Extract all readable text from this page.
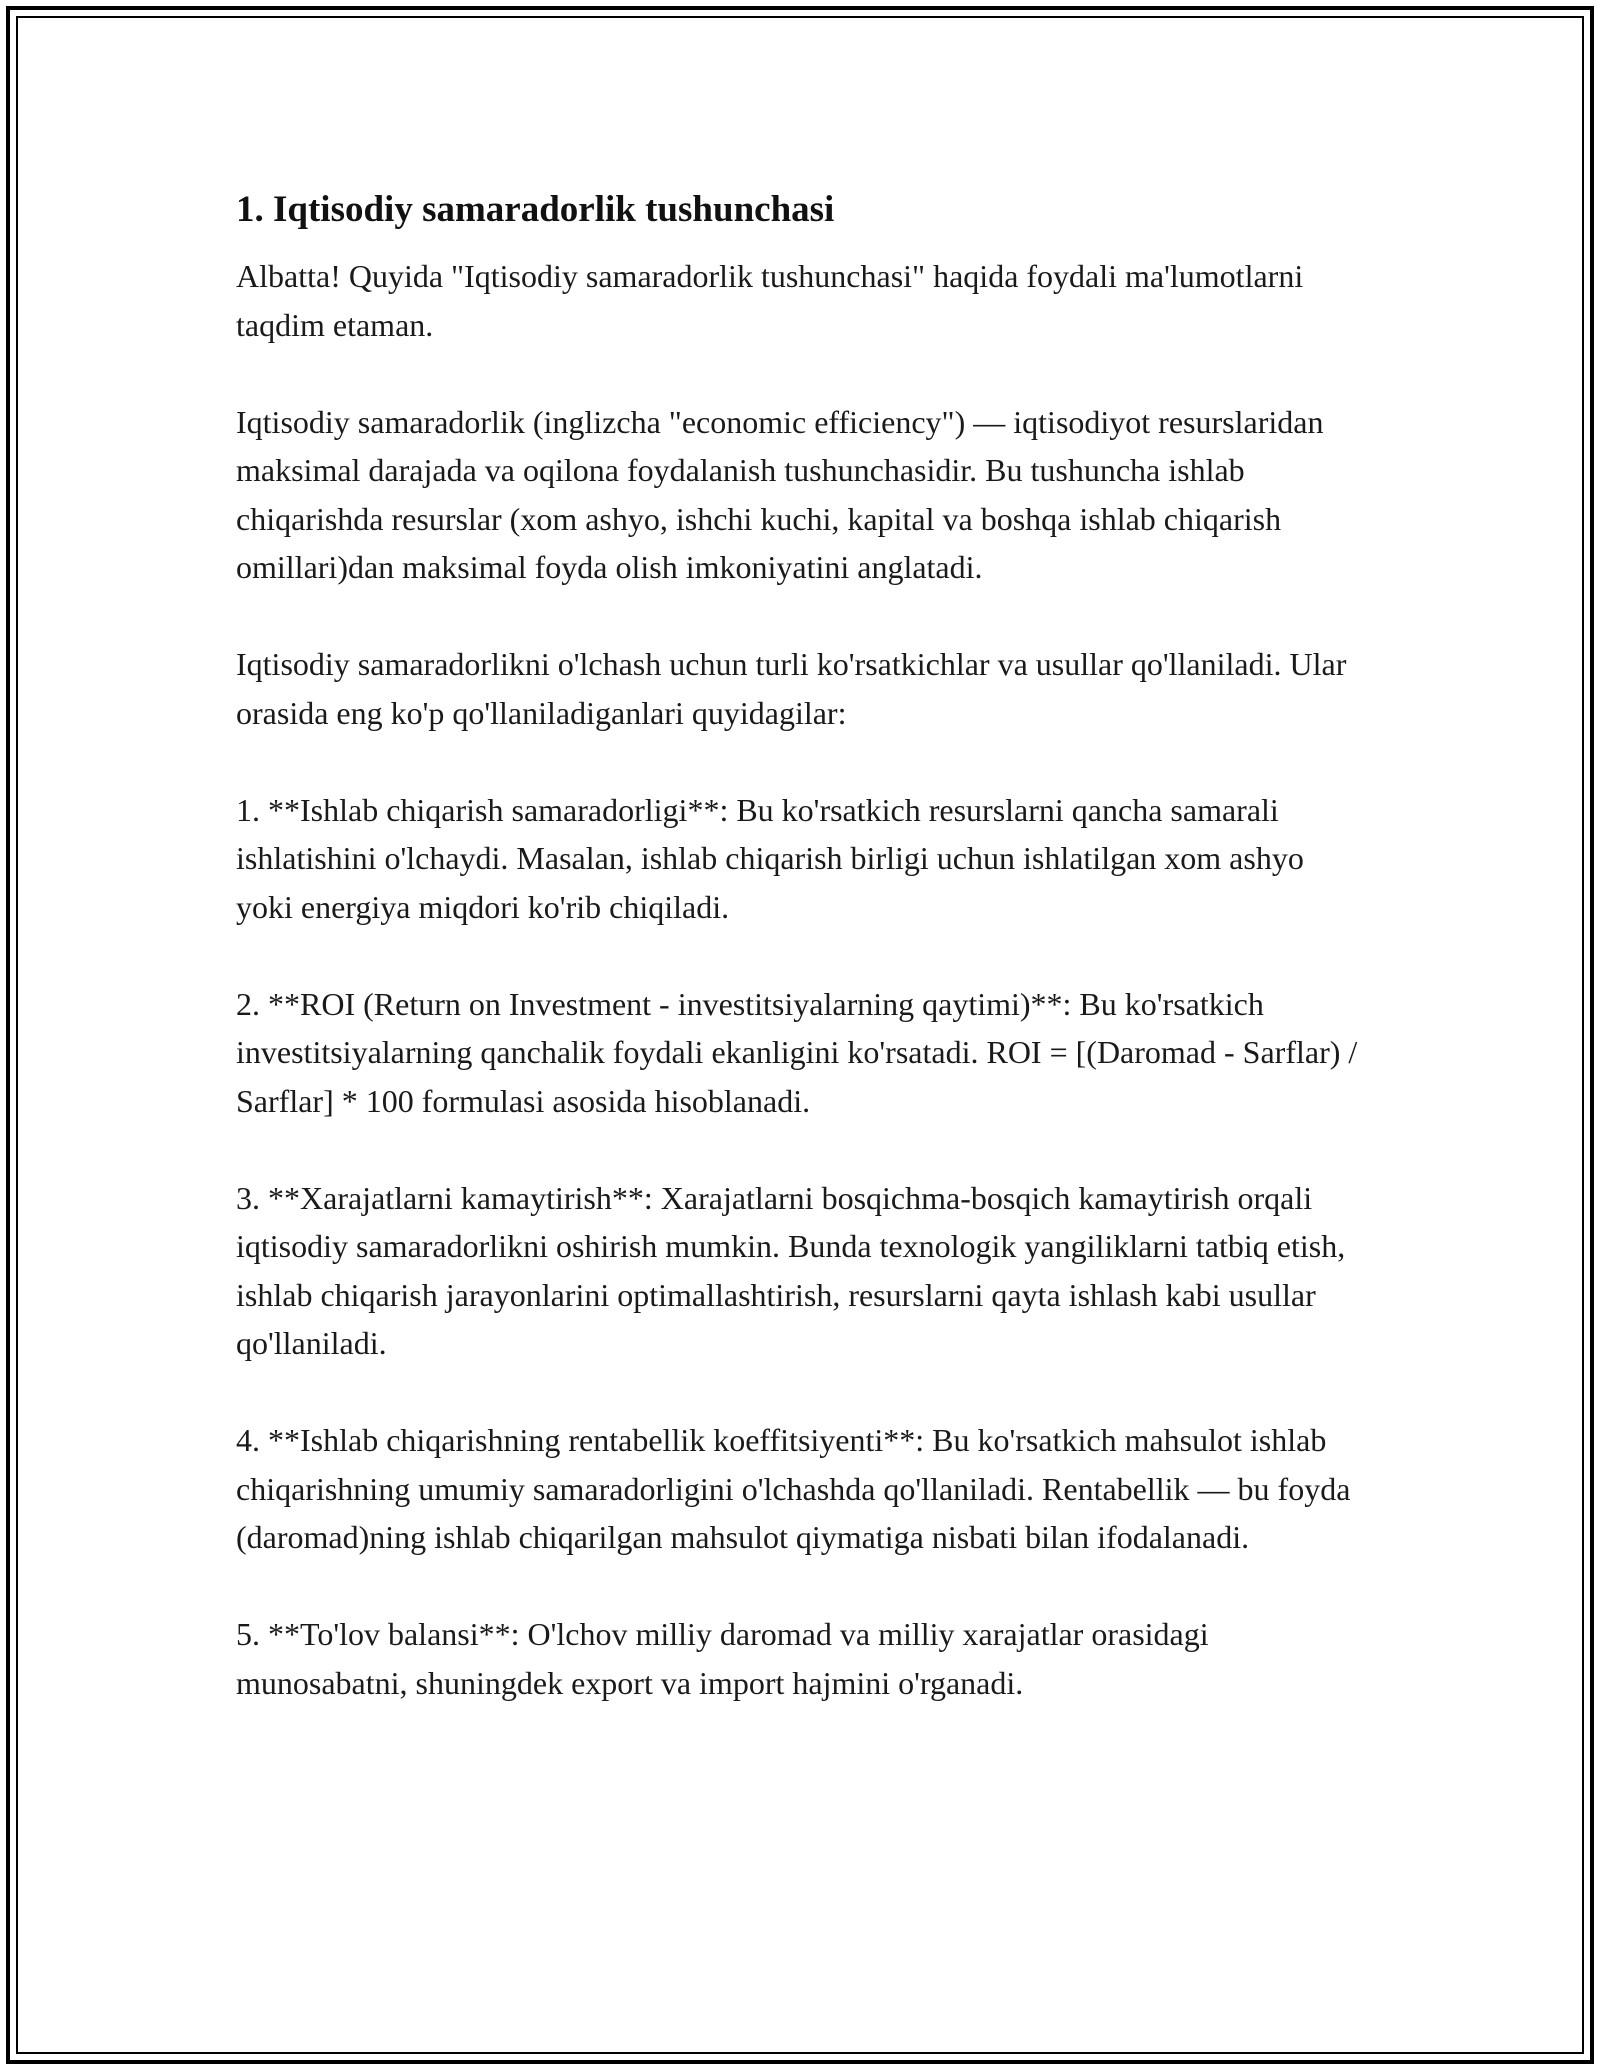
1. Iqtisodiy samaradorlik tushunchasi

Albatta! Quyida "Iqtisodiy samaradorlik tushunchasi" haqida foydali ma'lumotlarni taqdim etaman.

Iqtisodiy samaradorlik (inglizcha "economic efficiency") — iqtisodiyot resurslaridan maksimal darajada va oqilona foydalanish tushunchasidir. Bu tushuncha ishlab chiqarishda resurslar (xom ashyo, ishchi kuchi, kapital va boshqa ishlab chiqarish omillari)dan maksimal foyda olish imkoniyatini anglatadi.

Iqtisodiy samaradorlikni o'lchash uchun turli ko'rsatkichlar va usullar qo'llaniladi. Ular orasida eng ko'p qo'llaniladiganlari quyidagilar:

1. **Ishlab chiqarish samaradorligi**: Bu ko'rsatkich resurslarni qancha samarali ishlatishini o'lchaydi. Masalan, ishlab chiqarish birligi uchun ishlatilgan xom ashyo yoki energiya miqdori ko'rib chiqiladi.

2. **ROI (Return on Investment - investitsiyalarning qaytimi)**: Bu ko'rsatkich investitsiyalarning qanchalik foydali ekanligini ko'rsatadi. ROI = [(Daromad - Sarflar) / Sarflar] * 100 formulasi asosida hisoblanadi.

3. **Xarajatlarni kamaytirish**: Xarajatlarni bosqichma-bosqich kamaytirish orqali iqtisodiy samaradorlikni oshirish mumkin. Bunda texnologik yangiliklarni tatbiq etish, ishlab chiqarish jarayonlarini optimallashtirish, resurslarni qayta ishlash kabi usullar qo'llaniladi.

4. **Ishlab chiqarishning rentabellik koeffitsiyenti**: Bu ko'rsatkich mahsulot ishlab chiqarishning umumiy samaradorligini o'lchashda qo'llaniladi. Rentabellik — bu foyda (daromad)ning ishlab chiqarilgan mahsulot qiymatiga nisbati bilan ifodalanadi.

5. **To'lov balansi**: O'lchov milliy daromad va milliy xarajatlar orasidagi munosabatni, shuningdek export va import hajmini o'rganadi.
